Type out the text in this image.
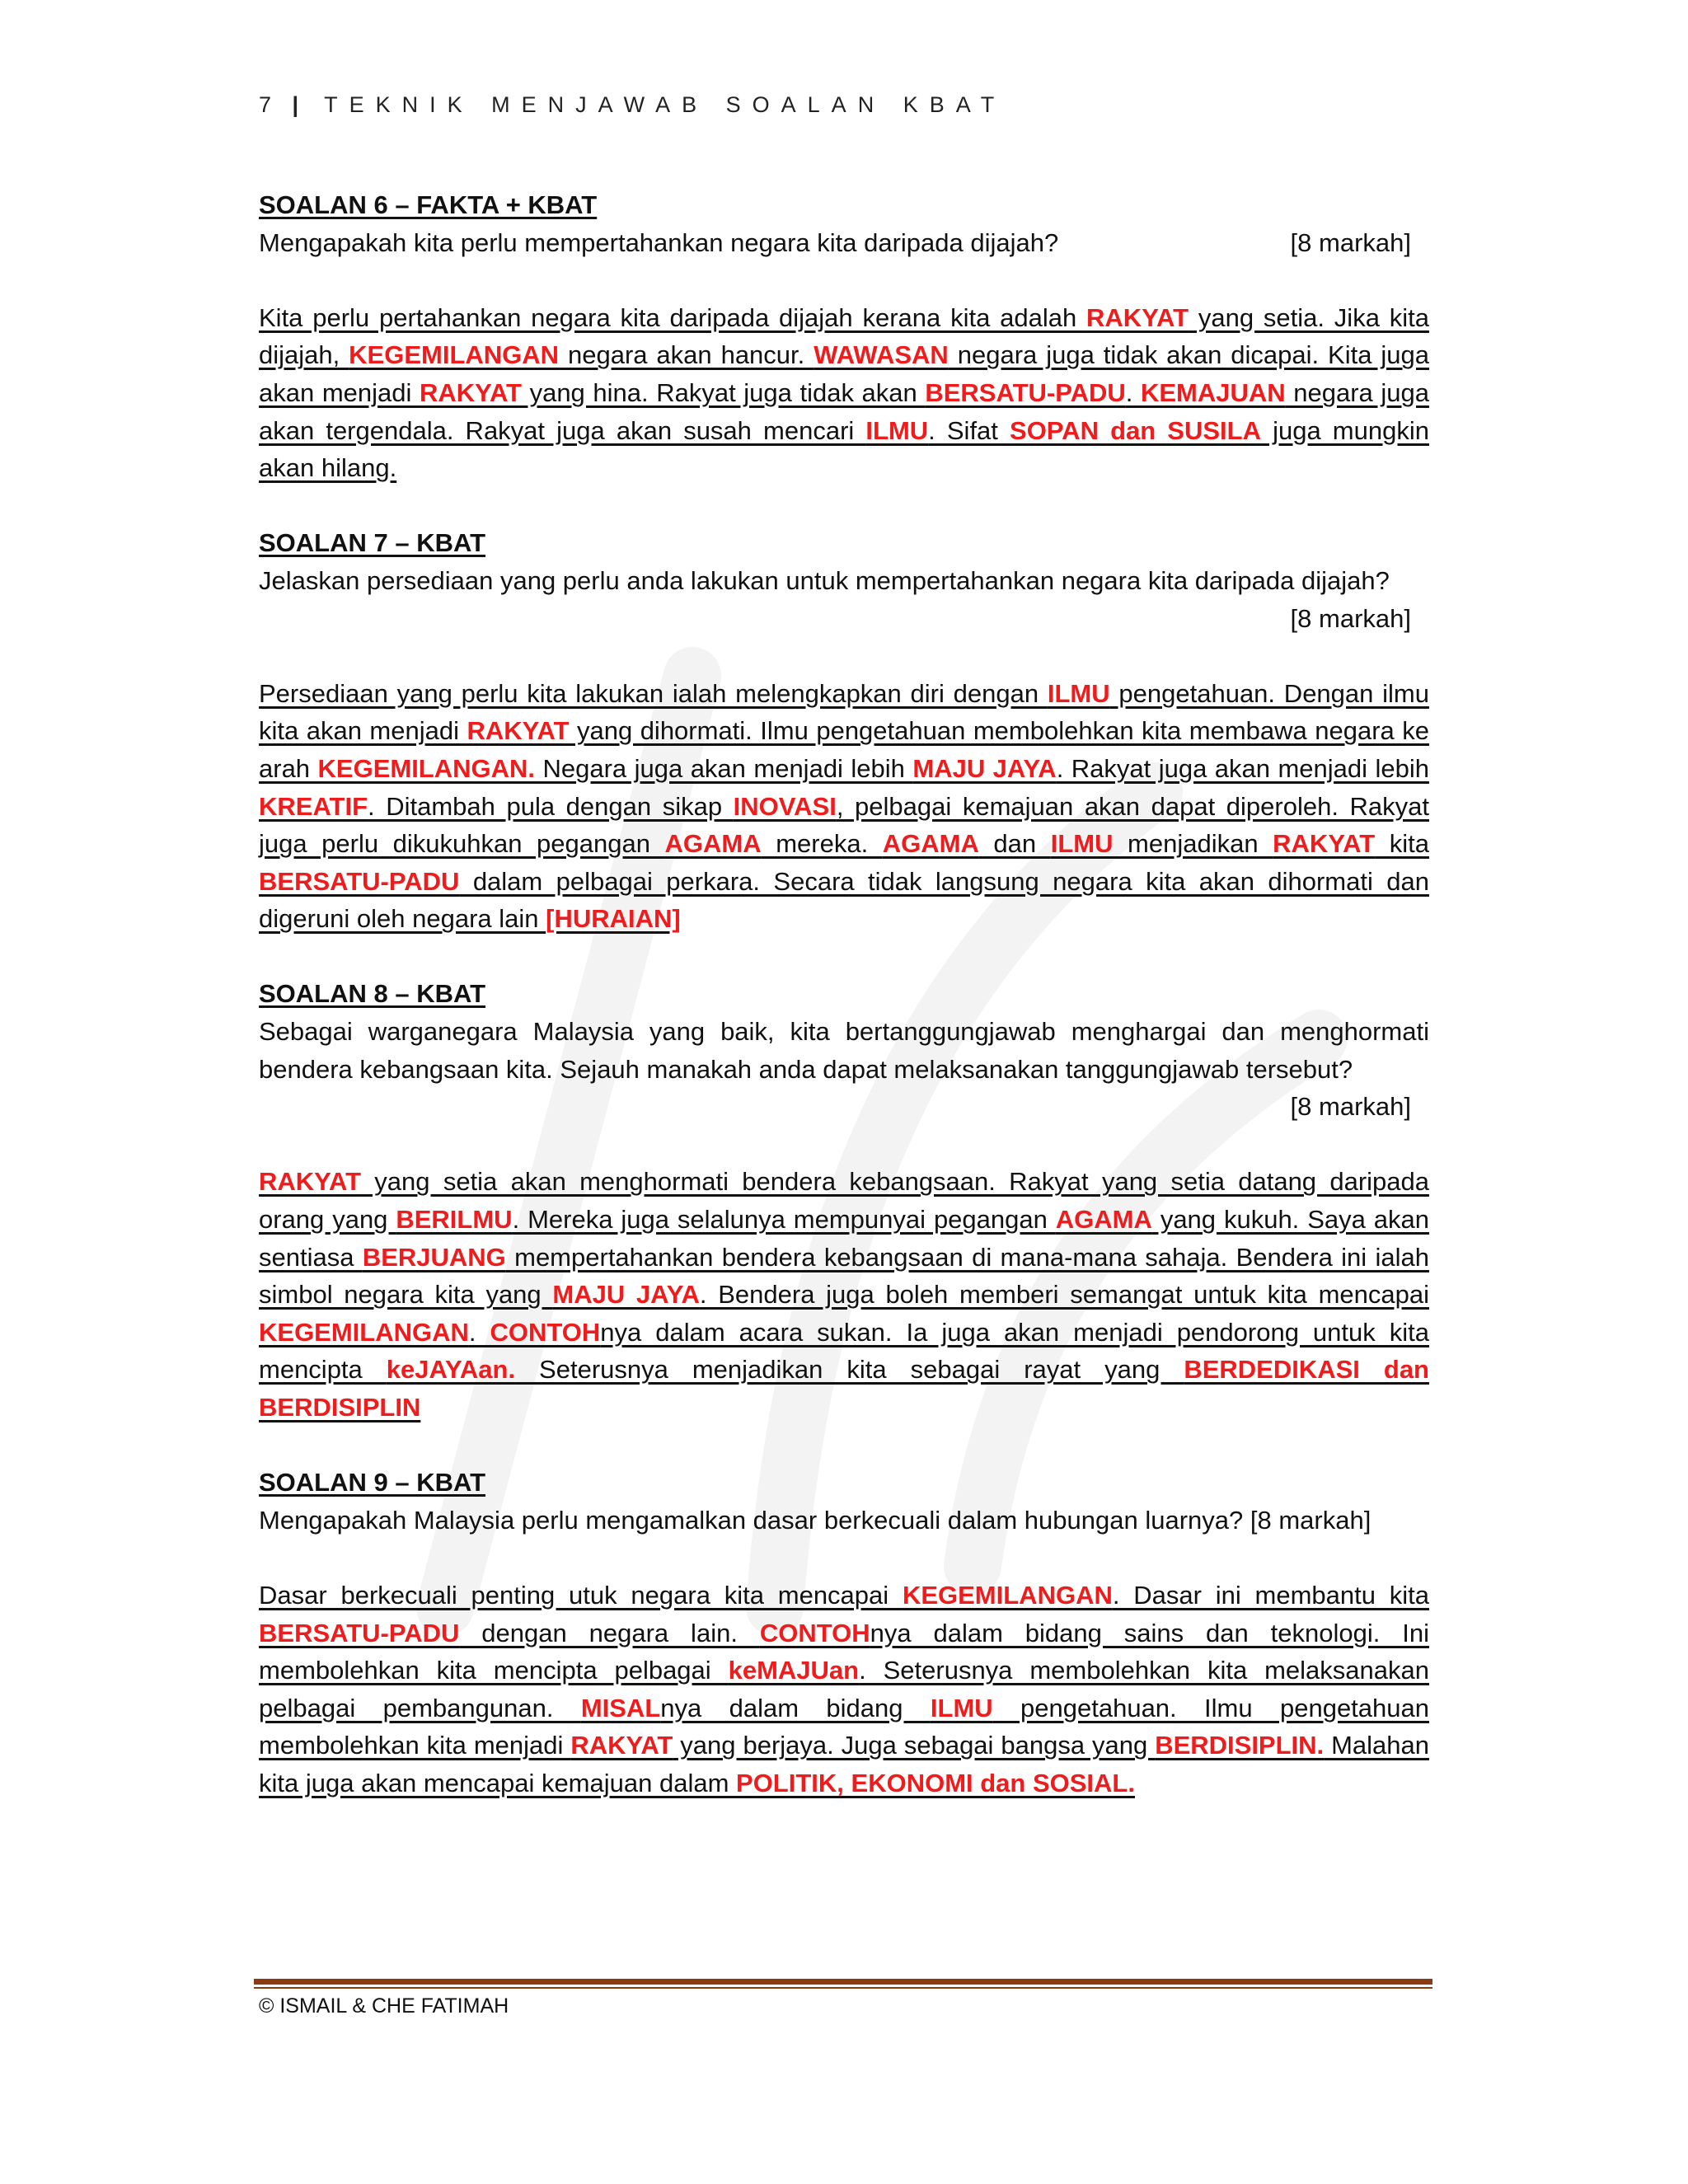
7 | TEKNIK MENJAWAB SOALAN KBAT
SOALAN 6 – FAKTA + KBAT
Mengapakah kita perlu mempertahankan negara kita daripada dijajah?	[8 markah]
Kita perlu pertahankan negara kita daripada dijajah kerana kita adalah RAKYAT yang setia. Jika kita dijajah, KEGEMILANGAN negara akan hancur. WAWASAN negara juga tidak akan dicapai. Kita juga akan menjadi RAKYAT yang hina. Rakyat juga tidak akan BERSATU-PADU. KEMAJUAN negara juga akan tergendala. Rakyat juga akan susah mencari ILMU. Sifat SOPAN dan SUSILA juga mungkin akan hilang.
SOALAN 7 – KBAT
Jelaskan persediaan yang perlu anda lakukan untuk mempertahankan negara kita daripada dijajah?
[8 markah]
Persediaan yang perlu kita lakukan ialah melengkapkan diri dengan ILMU pengetahuan. Dengan ilmu kita akan menjadi RAKYAT yang dihormati. Ilmu pengetahuan membolehkan kita membawa negara ke arah KEGEMILANGAN. Negara juga akan menjadi lebih MAJU JAYA. Rakyat juga akan menjadi lebih KREATIF. Ditambah pula dengan sikap INOVASI, pelbagai kemajuan akan dapat diperoleh. Rakyat juga perlu dikukuhkan pegangan AGAMA mereka. AGAMA dan ILMU menjadikan RAKYAT kita BERSATU-PADU dalam pelbagai perkara. Secara tidak langsung negara kita akan dihormati dan digeruni oleh negara lain [HURAIAN]
SOALAN 8 – KBAT
Sebagai warganegara Malaysia yang baik, kita bertanggungjawab menghargai dan menghormati bendera kebangsaan kita. Sejauh manakah anda dapat melaksanakan tanggungjawab tersebut?
[8 markah]
RAKYAT yang setia akan menghormati bendera kebangsaan. Rakyat yang setia datang daripada orang yang BERILMU. Mereka juga selalunya mempunyai pegangan AGAMA yang kukuh. Saya akan sentiasa BERJUANG mempertahankan bendera kebangsaan di mana-mana sahaja. Bendera ini ialah simbol negara kita yang MAJU JAYA. Bendera juga boleh memberi semangat untuk kita mencapai KEGEMILANGAN. CONTOHnya dalam acara sukan. Ia juga akan menjadi pendorong untuk kita mencipta keJAYAan. Seterusnya menjadikan kita sebagai rayat yang BERDEDIKASI dan BERDISIPLIN
SOALAN 9 – KBAT
Mengapakah Malaysia perlu mengamalkan dasar berkecuali dalam hubungan luarnya? [8 markah]
Dasar berkecuali penting utuk negara kita mencapai KEGEMILANGAN. Dasar ini membantu kita BERSATU-PADU dengan negara lain. CONTOHnya dalam bidang sains dan teknologi. Ini membolehkan kita mencipta pelbagai keMAJUan. Seterusnya membolehkan kita melaksanakan pelbagai pembangunan. MISALnya dalam bidang ILMU pengetahuan. Ilmu pengetahuan membolehkan kita menjadi RAKYAT yang berjaya. Juga sebagai bangsa yang BERDISIPLIN. Malahan kita juga akan mencapai kemajuan dalam POLITIK, EKONOMI dan SOSIAL.
© ISMAIL & CHE FATIMAH
